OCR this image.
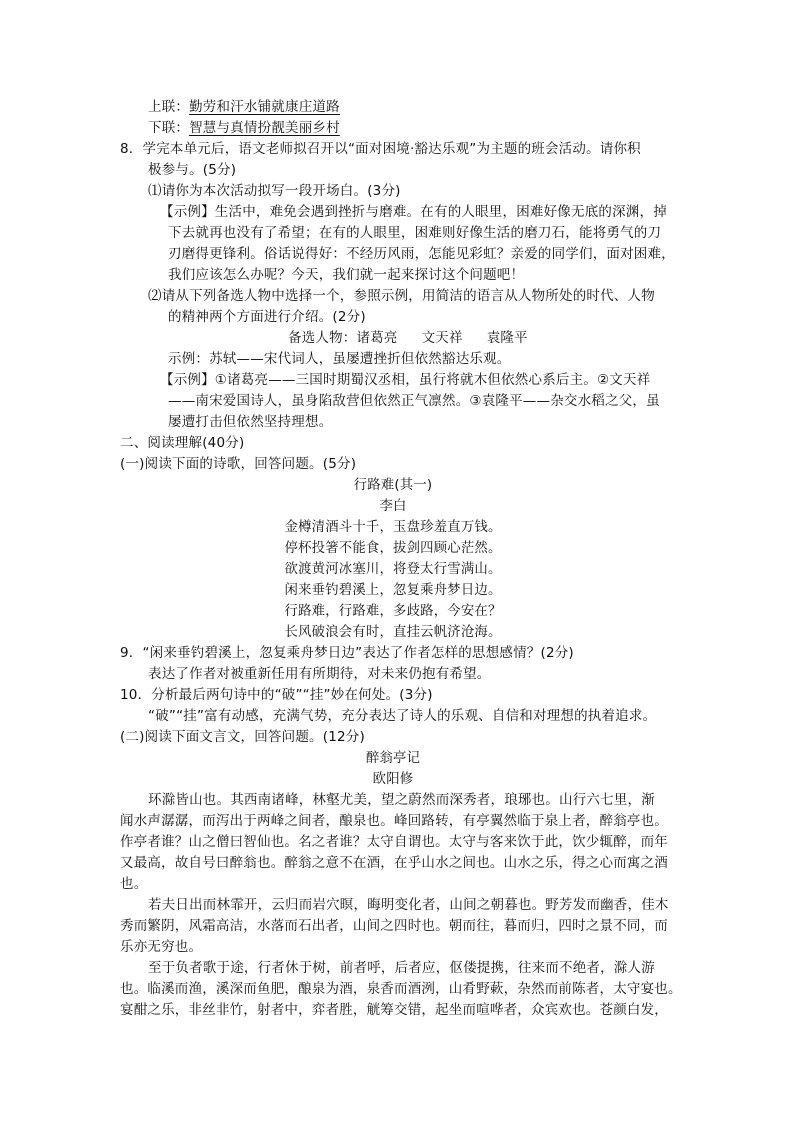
上联：勤劳和汗水铺就康庄道路
下联：智慧与真情扮靓美丽乡村
8．学完本单元后，语文老师拟召开以“面对困境·豁达乐观”为主题的班会活动。请你积
极参与。(5分)
⑴请你为本次活动拟写一段开场白。(3分)
【示例】生活中，难免会遇到挫折与磨难。在有的人眼里，困难好像无底的深渊，掉
下去就再也没有了希望；在有的人眼里，困难则好像生活的磨刀石，能将勇气的刀
刃磨得更锋利。俗话说得好：不经历风雨，怎能见彩虹？亲爱的同学们，面对困难，
我们应该怎么办呢？今天，我们就一起来探讨这个问题吧！
⑵请从下列备选人物中选择一个，参照示例，用简洁的语言从人物所处的时代、人物
的精神两个方面进行介绍。(2分)
备选人物：诸葛亮 文天祥 袁隆平
示例：苏轼——宋代词人，虽屡遭挫折但依然豁达乐观。
【示例】①诸葛亮——三国时期蜀汉丞相，虽行将就木但依然心系后主。②文天祥
——南宋爱国诗人，虽身陷敌营但依然正气凛然。③袁隆平——杂交水稻之父，虽
屡遭打击但依然坚持理想。
二、阅读理解(40分)
(一)阅读下面的诗歌，回答问题。(5分)
行路难(其一)
李白
金樽清酒斗十千，玉盘珍羞直万钱。
停杯投箸不能食，拔剑四顾心茫然。
欲渡黄河冰塞川，将登太行雪满山。
闲来垂钓碧溪上，忽复乘舟梦日边。
行路难，行路难，多歧路，今安在？
长风破浪会有时，直挂云帆济沧海。
9．“闲来垂钓碧溪上，忽复乘舟梦日边”表达了作者怎样的思想感情？(2分)
表达了作者对被重新任用有所期待，对未来仍抱有希望。
10．分析最后两句诗中的“破”“挂”妙在何处。(3分)
“破”“挂”富有动感，充满气势，充分表达了诗人的乐观、自信和对理想的执着追求。
(二)阅读下面文言文，回答问题。(12分)
醉翁亭记
欧阳修
环滁皆山也。其西南诸峰，林壑尤美，望之蔚然而深秀者，琅琊也。山行六七里，渐
闻水声潺潺，而泻出于两峰之间者，酿泉也。峰回路转，有亭翼然临于泉上者，醉翁亭也。
作亭者谁？山之僧曰智仙也。名之者谁？太守自谓也。太守与客来饮于此，饮少辄醉，而年
又最高，故自号曰醉翁也。醉翁之意不在酒，在乎山水之间也。山水之乐，得之心而寓之酒
也。
若夫日出而林霏开，云归而岩穴暝，晦明变化者，山间之朝暮也。野芳发而幽香，佳木
秀而繁阴，风霜高洁，水落而石出者，山间之四时也。朝而往，暮而归，四时之景不同，而
乐亦无穷也。
至于负者歌于途，行者休于树，前者呼，后者应，伛偻提携，往来而不绝者，滁人游
也。临溪而渔，溪深而鱼肥，酿泉为酒，泉香而酒洌，山肴野蔌，杂然而前陈者，太守宴也。
宴酣之乐，非丝非竹，射者中，弈者胜，觥筹交错，起坐而喧哗者，众宾欢也。苍颜白发，
